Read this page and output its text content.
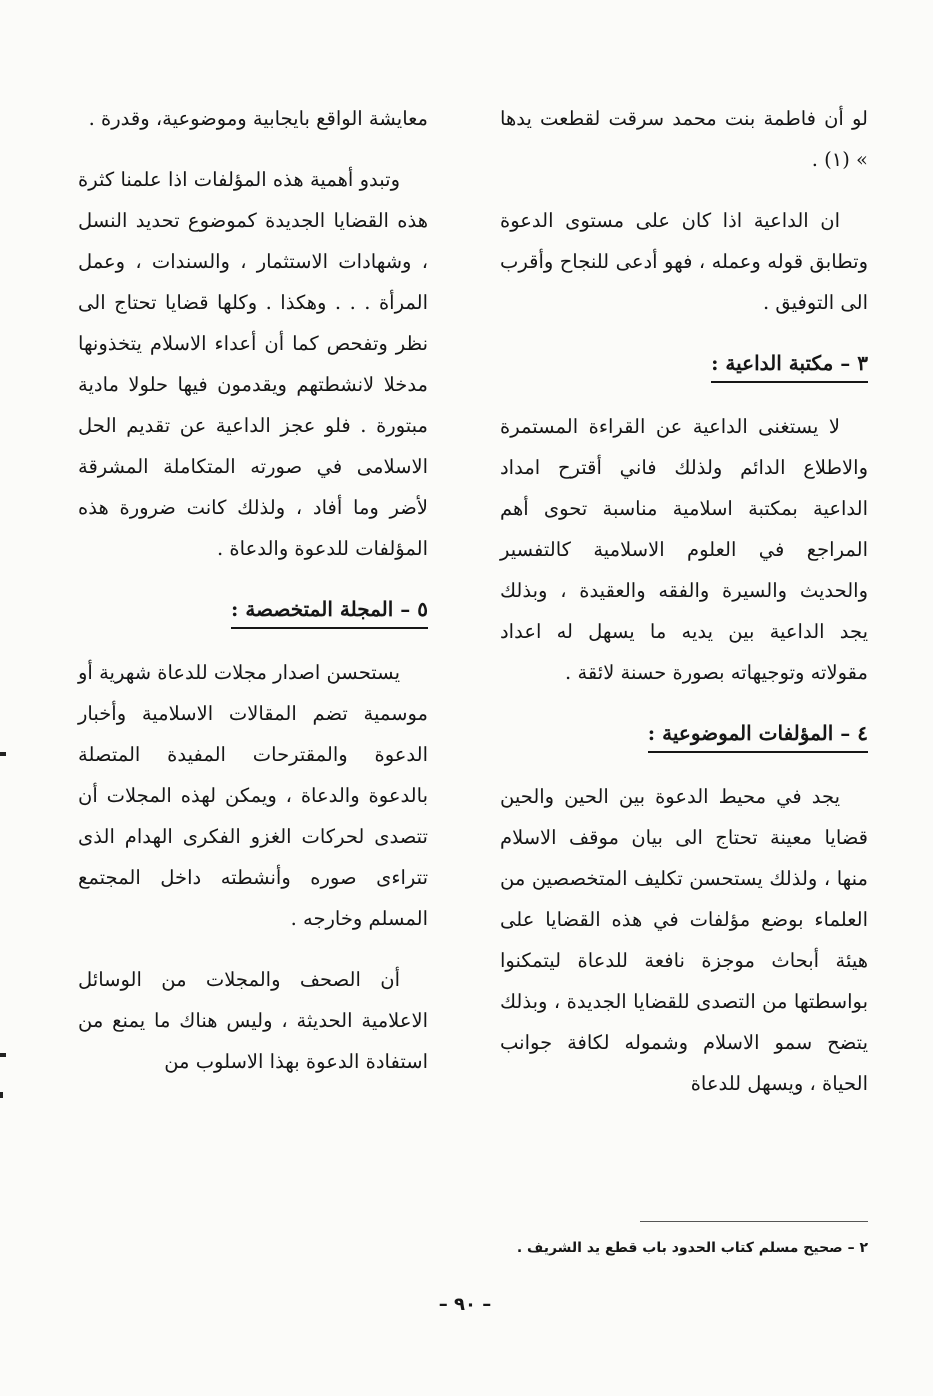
لو أن فاطمة بنت محمد سرقت لقطعت يدها » (١) .

ان الداعية اذا كان على مستوى الدعوة وتطابق قوله وعمله ، فهو أدعى للنجاح وأقرب الى التوفيق .

٣ – مكتبة الداعية :

لا يستغنى الداعية عن القراءة المستمرة والاطلاع الدائم ولذلك فاني أقترح امداد الداعية بمكتبة اسلامية مناسبة تحوى أهم المراجع في العلوم الاسلامية كالتفسير والحديث والسيرة والفقه والعقيدة ، وبذلك يجد الداعية بين يديه ما يسهل له اعداد مقولاته وتوجيهاته بصورة حسنة لائقة .

٤ – المؤلفات الموضوعية :

يجد في محيط الدعوة بين الحين والحين قضايا معينة تحتاج الى بيان موقف الاسلام منها ، ولذلك يستحسن تكليف المتخصصين من العلماء بوضع مؤلفات في هذه القضايا على هيئة أبحاث موجزة نافعة للدعاة ليتمكنوا بواسطتها من التصدى للقضايا الجديدة ، وبذلك يتضح سمو الاسلام وشموله لكافة جوانب الحياة ، ويسهل للدعاة

معايشة الواقع بايجابية وموضوعية، وقدرة .

وتبدو أهمية هذه المؤلفات اذا علمنا كثرة هذه القضايا الجديدة كموضوع تحديد النسل ، وشهادات الاستثمار ، والسندات ، وعمل المرأة . . . وهكذا . وكلها قضايا تحتاج الى نظر وتفحص كما أن أعداء الاسلام يتخذونها مدخلا لانشطتهم ويقدمون فيها حلولا مادية مبتورة . فلو عجز الداعية عن تقديم الحل الاسلامى في صورته المتكاملة المشرقة لأضر وما أفاد ، ولذلك كانت ضرورة هذه المؤلفات للدعوة والدعاة .

٥ – المجلة المتخصصة :

يستحسن اصدار مجلات للدعاة شهرية أو موسمية تضم المقالات الاسلامية وأخبار الدعوة والمقترحات المفيدة المتصلة بالدعوة والدعاة ، ويمكن لهذه المجلات أن تتصدى لحركات الغزو الفكرى الهدام الذى تتراءى صوره وأنشطته داخل المجتمع المسلم وخارجه .

أن الصحف والمجلات من الوسائل الاعلامية الحديثة ، وليس هناك ما يمنع من استفادة الدعوة بهذا الاسلوب من

٢ – صحيح مسلم كتاب الحدود باب قطع يد الشريف .
– ٩٠ –
